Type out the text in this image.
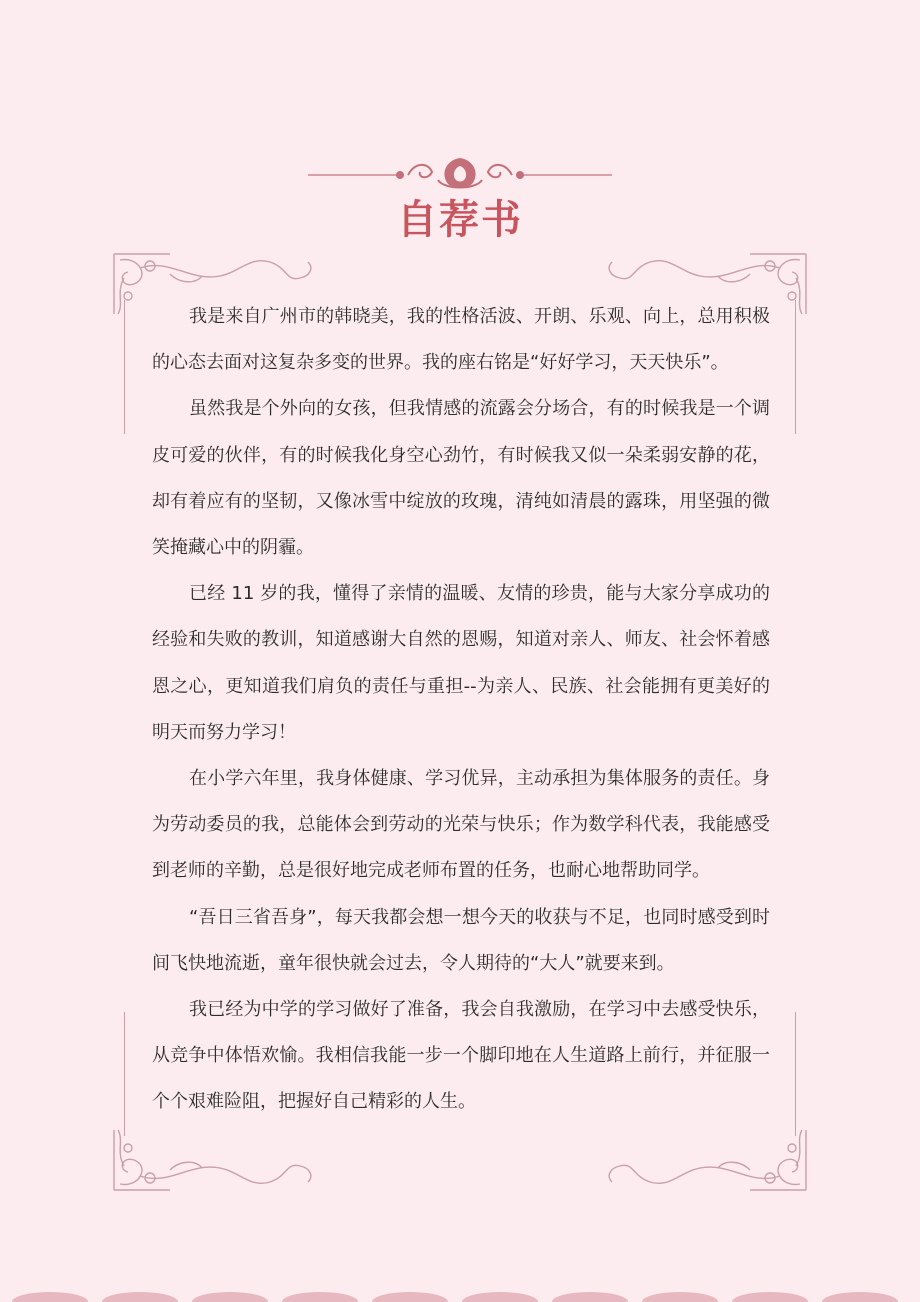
自荐书

我是来自广州市的韩晓美，我的性格活波、开朗、乐观、向上，总用积极的心态去面对这复杂多变的世界。我的座右铭是“好好学习，天天快乐”。

虽然我是个外向的女孩，但我情感的流露会分场合，有的时候我是一个调皮可爱的伙伴，有的时候我化身空心劲竹，有时候我又似一朵柔弱安静的花，却有着应有的坚韧，又像冰雪中绽放的玫瑰，清纯如清晨的露珠，用坚强的微笑掩藏心中的阴霾。

已经 11 岁的我，懂得了亲情的温暖、友情的珍贵，能与大家分享成功的经验和失败的教训，知道感谢大自然的恩赐，知道对亲人、师友、社会怀着感恩之心，更知道我们肩负的责任与重担--为亲人、民族、社会能拥有更美好的明天而努力学习！

在小学六年里，我身体健康、学习优异，主动承担为集体服务的责任。身为劳动委员的我，总能体会到劳动的光荣与快乐；作为数学科代表，我能感受到老师的辛勤，总是很好地完成老师布置的任务，也耐心地帮助同学。

“吾日三省吾身”，每天我都会想一想今天的收获与不足，也同时感受到时间飞快地流逝，童年很快就会过去，令人期待的“大人”就要来到。

我已经为中学的学习做好了准备，我会自我激励，在学习中去感受快乐，从竞争中体悟欢愉。我相信我能一步一个脚印地在人生道路上前行，并征服一个个艰难险阻，把握好自己精彩的人生。
